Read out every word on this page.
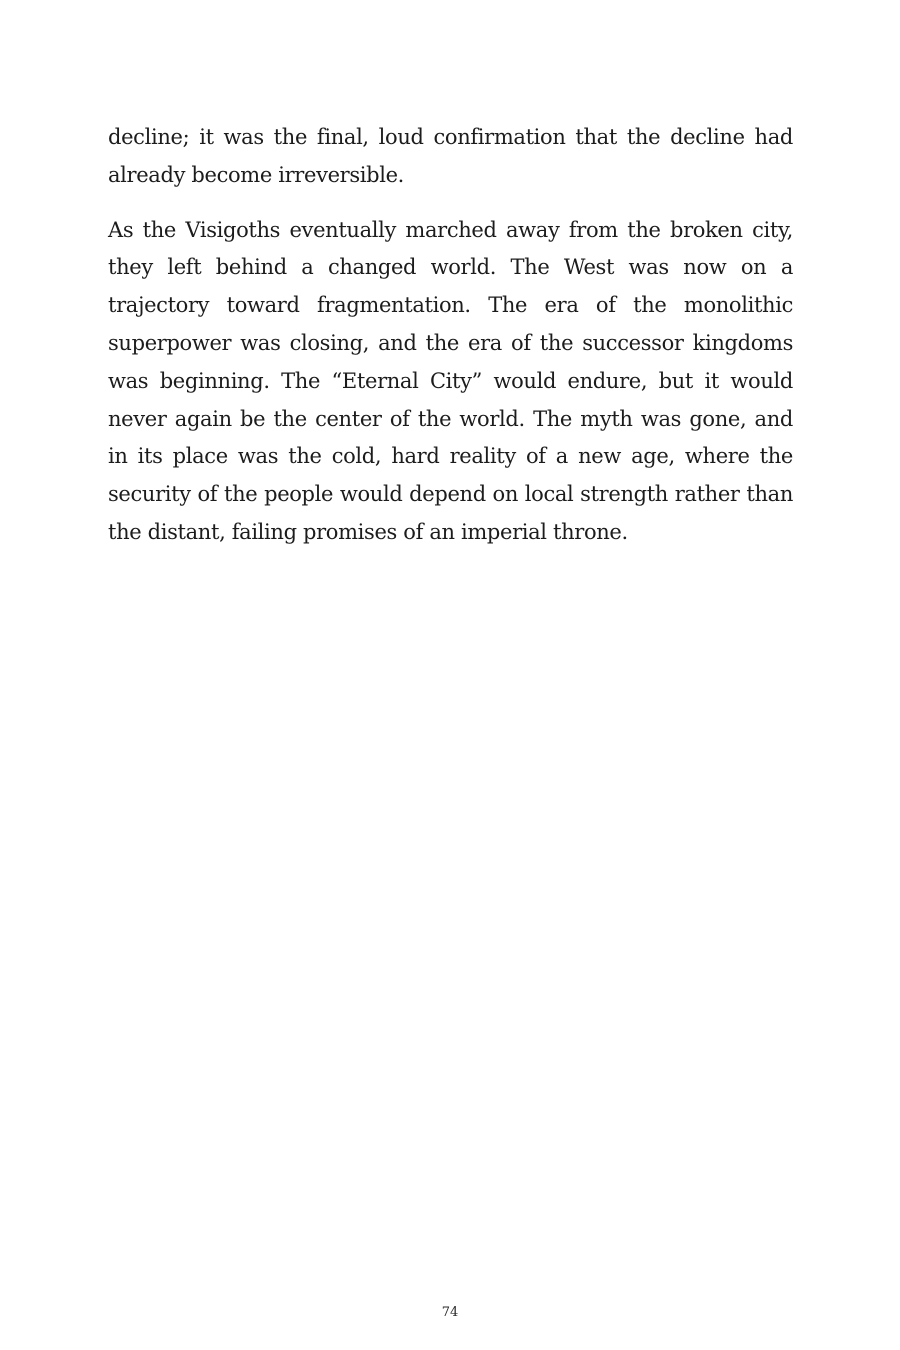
decline; it was the final, loud confirmation that the decline had already become irreversible.

As the Visigoths eventually marched away from the broken city, they left behind a changed world. The West was now on a trajectory toward fragmentation. The era of the monolithic superpower was closing, and the era of the successor kingdoms was beginning. The “Eternal City” would endure, but it would never again be the center of the world. The myth was gone, and in its place was the cold, hard reality of a new age, where the security of the people would depend on local strength rather than the distant, failing promises of an imperial throne.

74
